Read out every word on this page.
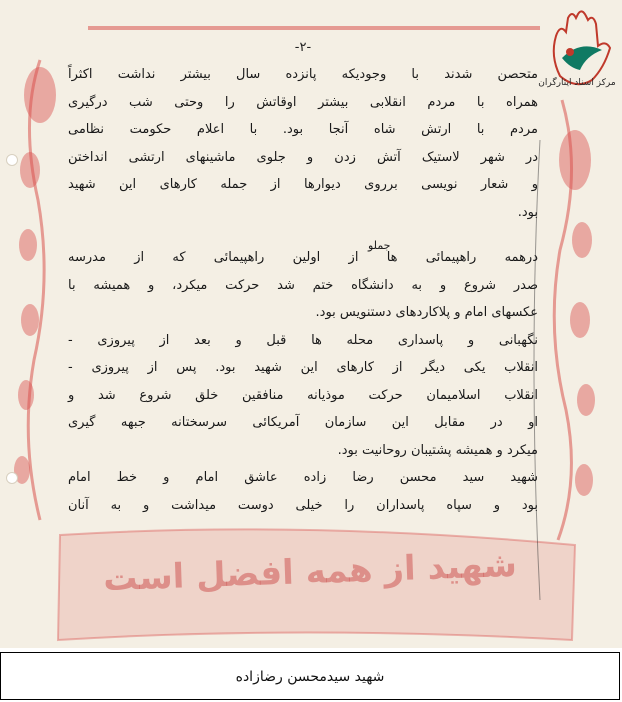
مرکز اسناد ایثارگران
-۲-
متحصن شدند با وجودیکه پانزده سال بیشتر نداشت اکثراً
همراه با مردم انقلابی بیشتر اوقاتش را وحتی شب درگیری
مردم با ارتش شاه آنجا بود. با اعلام حکومت نظامی
در شهر لاستیک آتش زدن و جلوی ماشینهای ارتشی انداختن
و شعار نویسی برروی دیوارها از جمله کارهای این شهید
بود.
جملو
درهمه راهپیمائی ها از اولین راهپیمائی که از مدرسه
صدر شروع و به دانشگاه ختم شد حرکت میکرد، و همیشه با
عکسهای امام و پلاکاردهای دستنویس بود.
نگهبانی و پاسداری محله ها قبل و بعد از پیروزی -
انقلاب یکی دیگر از کارهای این شهید بود. پس از پیروزی -
انقلاب اسلامیمان حرکت موذیانه منافقین خلق شروع شد و
او در مقابل این سازمان آمریکائی سرسختانه جبهه گیری
میکرد و همیشه پشتیبان روحانیت بود.
شهید سید محسن رضا زاده عاشق امام و خط امام
بود و سپاه پاسداران را خیلی دوست میداشت و به آنان
شهید از همه افضل است
شهید سیدمحسن رضازاده
